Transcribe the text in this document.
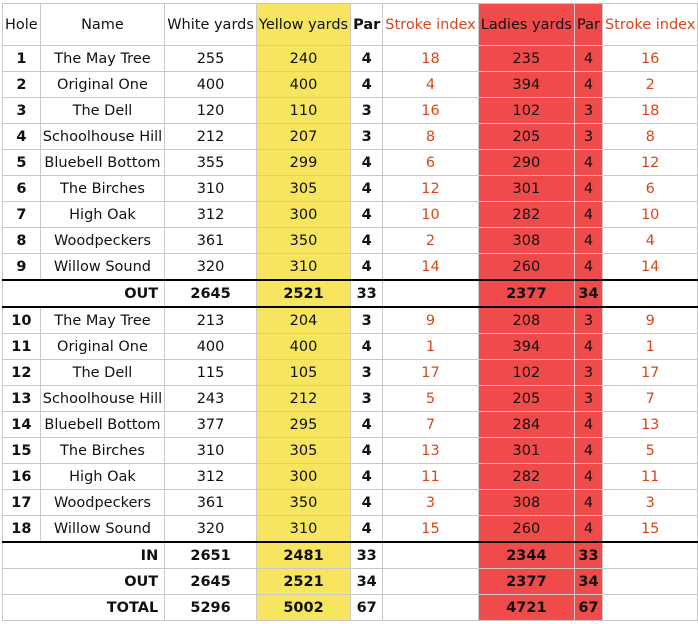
Hole	Name	White yards	Yellow yards	Par	Stroke index	Ladies yards	Par	Stroke index
1	The May Tree	255	240	4	18	235	4	16
2	Original One	400	400	4	4	394	4	2
3	The Dell	120	110	3	16	102	3	18
4	Schoolhouse Hill	212	207	3	8	205	3	8
5	Bluebell Bottom	355	299	4	6	290	4	12
6	The Birches	310	305	4	12	301	4	6
7	High Oak	312	300	4	10	282	4	10
8	Woodpeckers	361	350	4	2	308	4	4
9	Willow Sound	320	310	4	14	260	4	14
OUT		2645	2521	33		2377	34	
10	The May Tree	213	204	3	9	208	3	9
11	Original One	400	400	4	1	394	4	1
12	The Dell	115	105	3	17	102	3	17
13	Schoolhouse Hill	243	212	3	5	205	3	7
14	Bluebell Bottom	377	295	4	7	284	4	13
15	The Birches	310	305	4	13	301	4	5
16	High Oak	312	300	4	11	282	4	11
17	Woodpeckers	361	350	4	3	308	4	3
18	Willow Sound	320	310	4	15	260	4	15
IN		2651	2481	33		2344	33	
OUT		2645	2521	34		2377	34	
TOTAL		5296	5002	67		4721	67	
